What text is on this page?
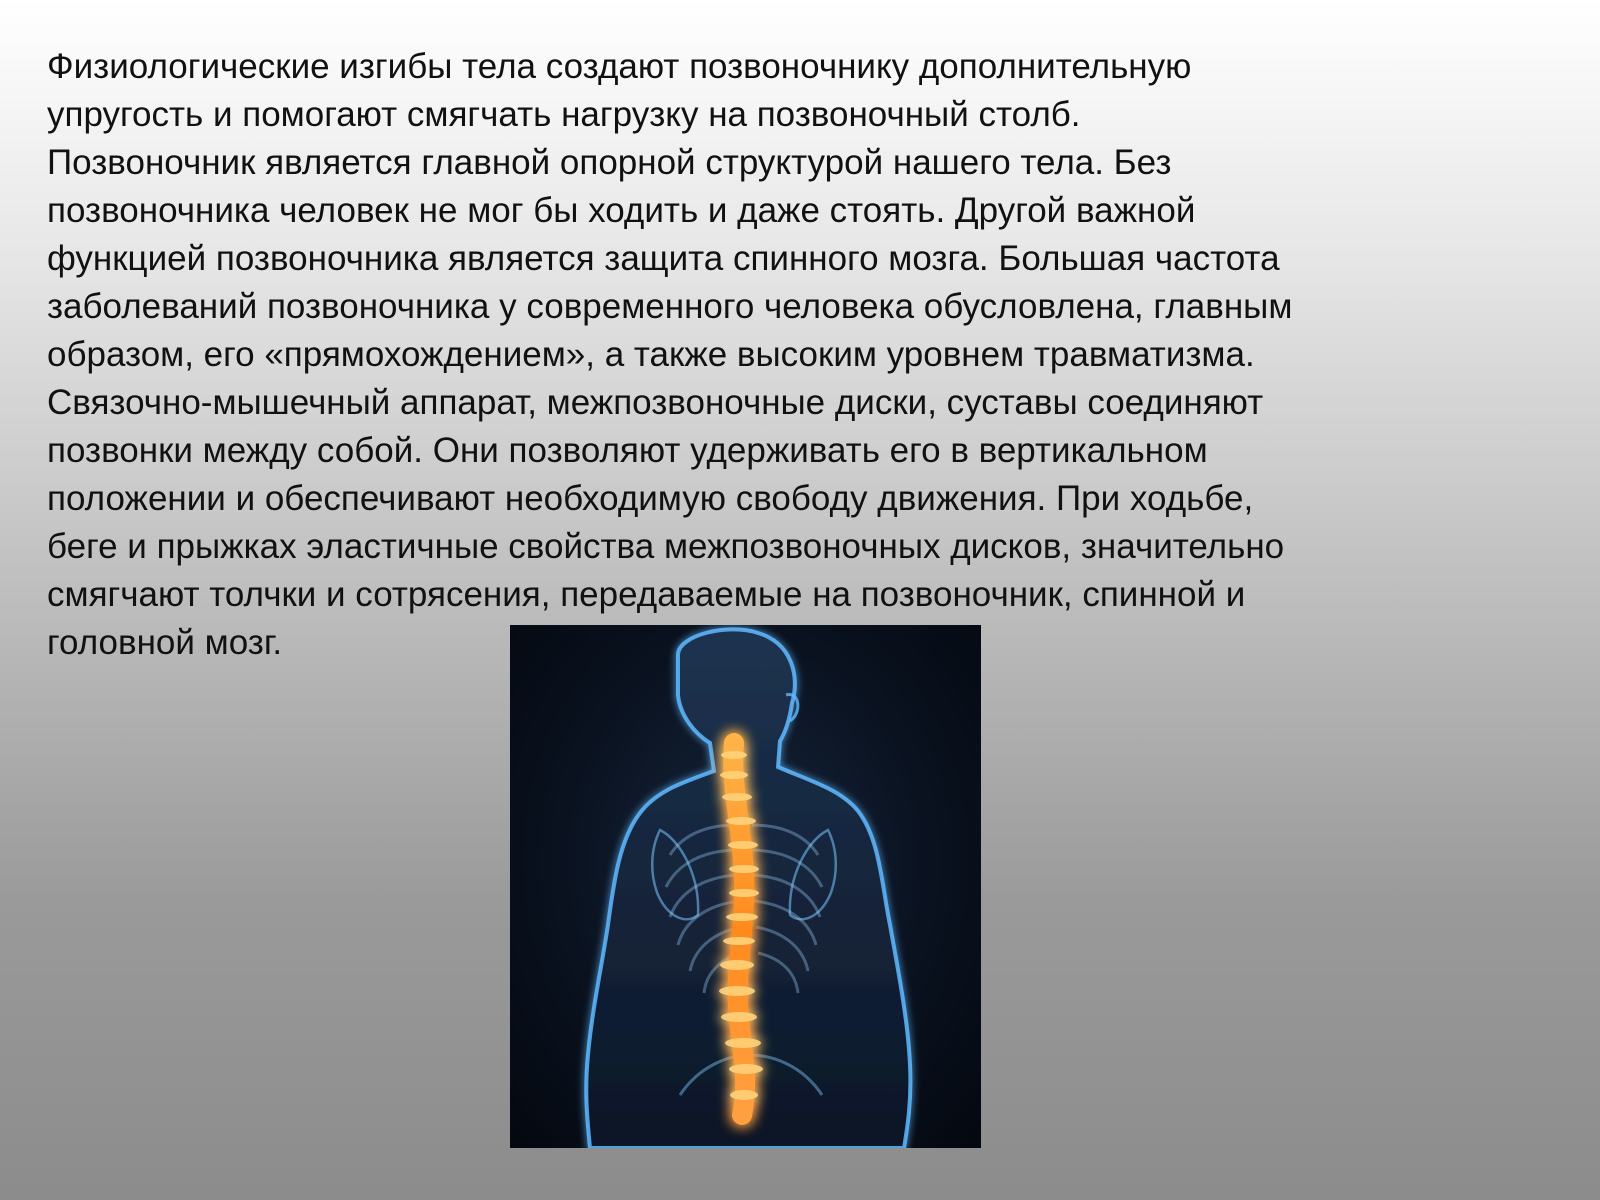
Физиологические изгибы тела создают позвоночнику дополнительную
упругость и помогают смягчать нагрузку на позвоночный столб.
Позвоночник является главной опорной структурой нашего тела. Без
позвоночника человек не мог бы ходить и даже стоять. Другой важной
функцией позвоночника является защита спинного мозга. Большая частота
заболеваний позвоночника у современного человека обусловлена, главным
образом, его «прямохождением», а также высоким уровнем травматизма.
Связочно-мышечный аппарат, межпозвоночные диски, суставы соединяют
позвонки между собой. Они позволяют удерживать его в вертикальном
положении и обеспечивают необходимую свободу движения. При ходьбе,
беге и прыжках эластичные свойства межпозвоночных дисков, значительно
смягчают толчки и сотрясения, передаваемые на позвоночник, спинной и
головной мозг.
